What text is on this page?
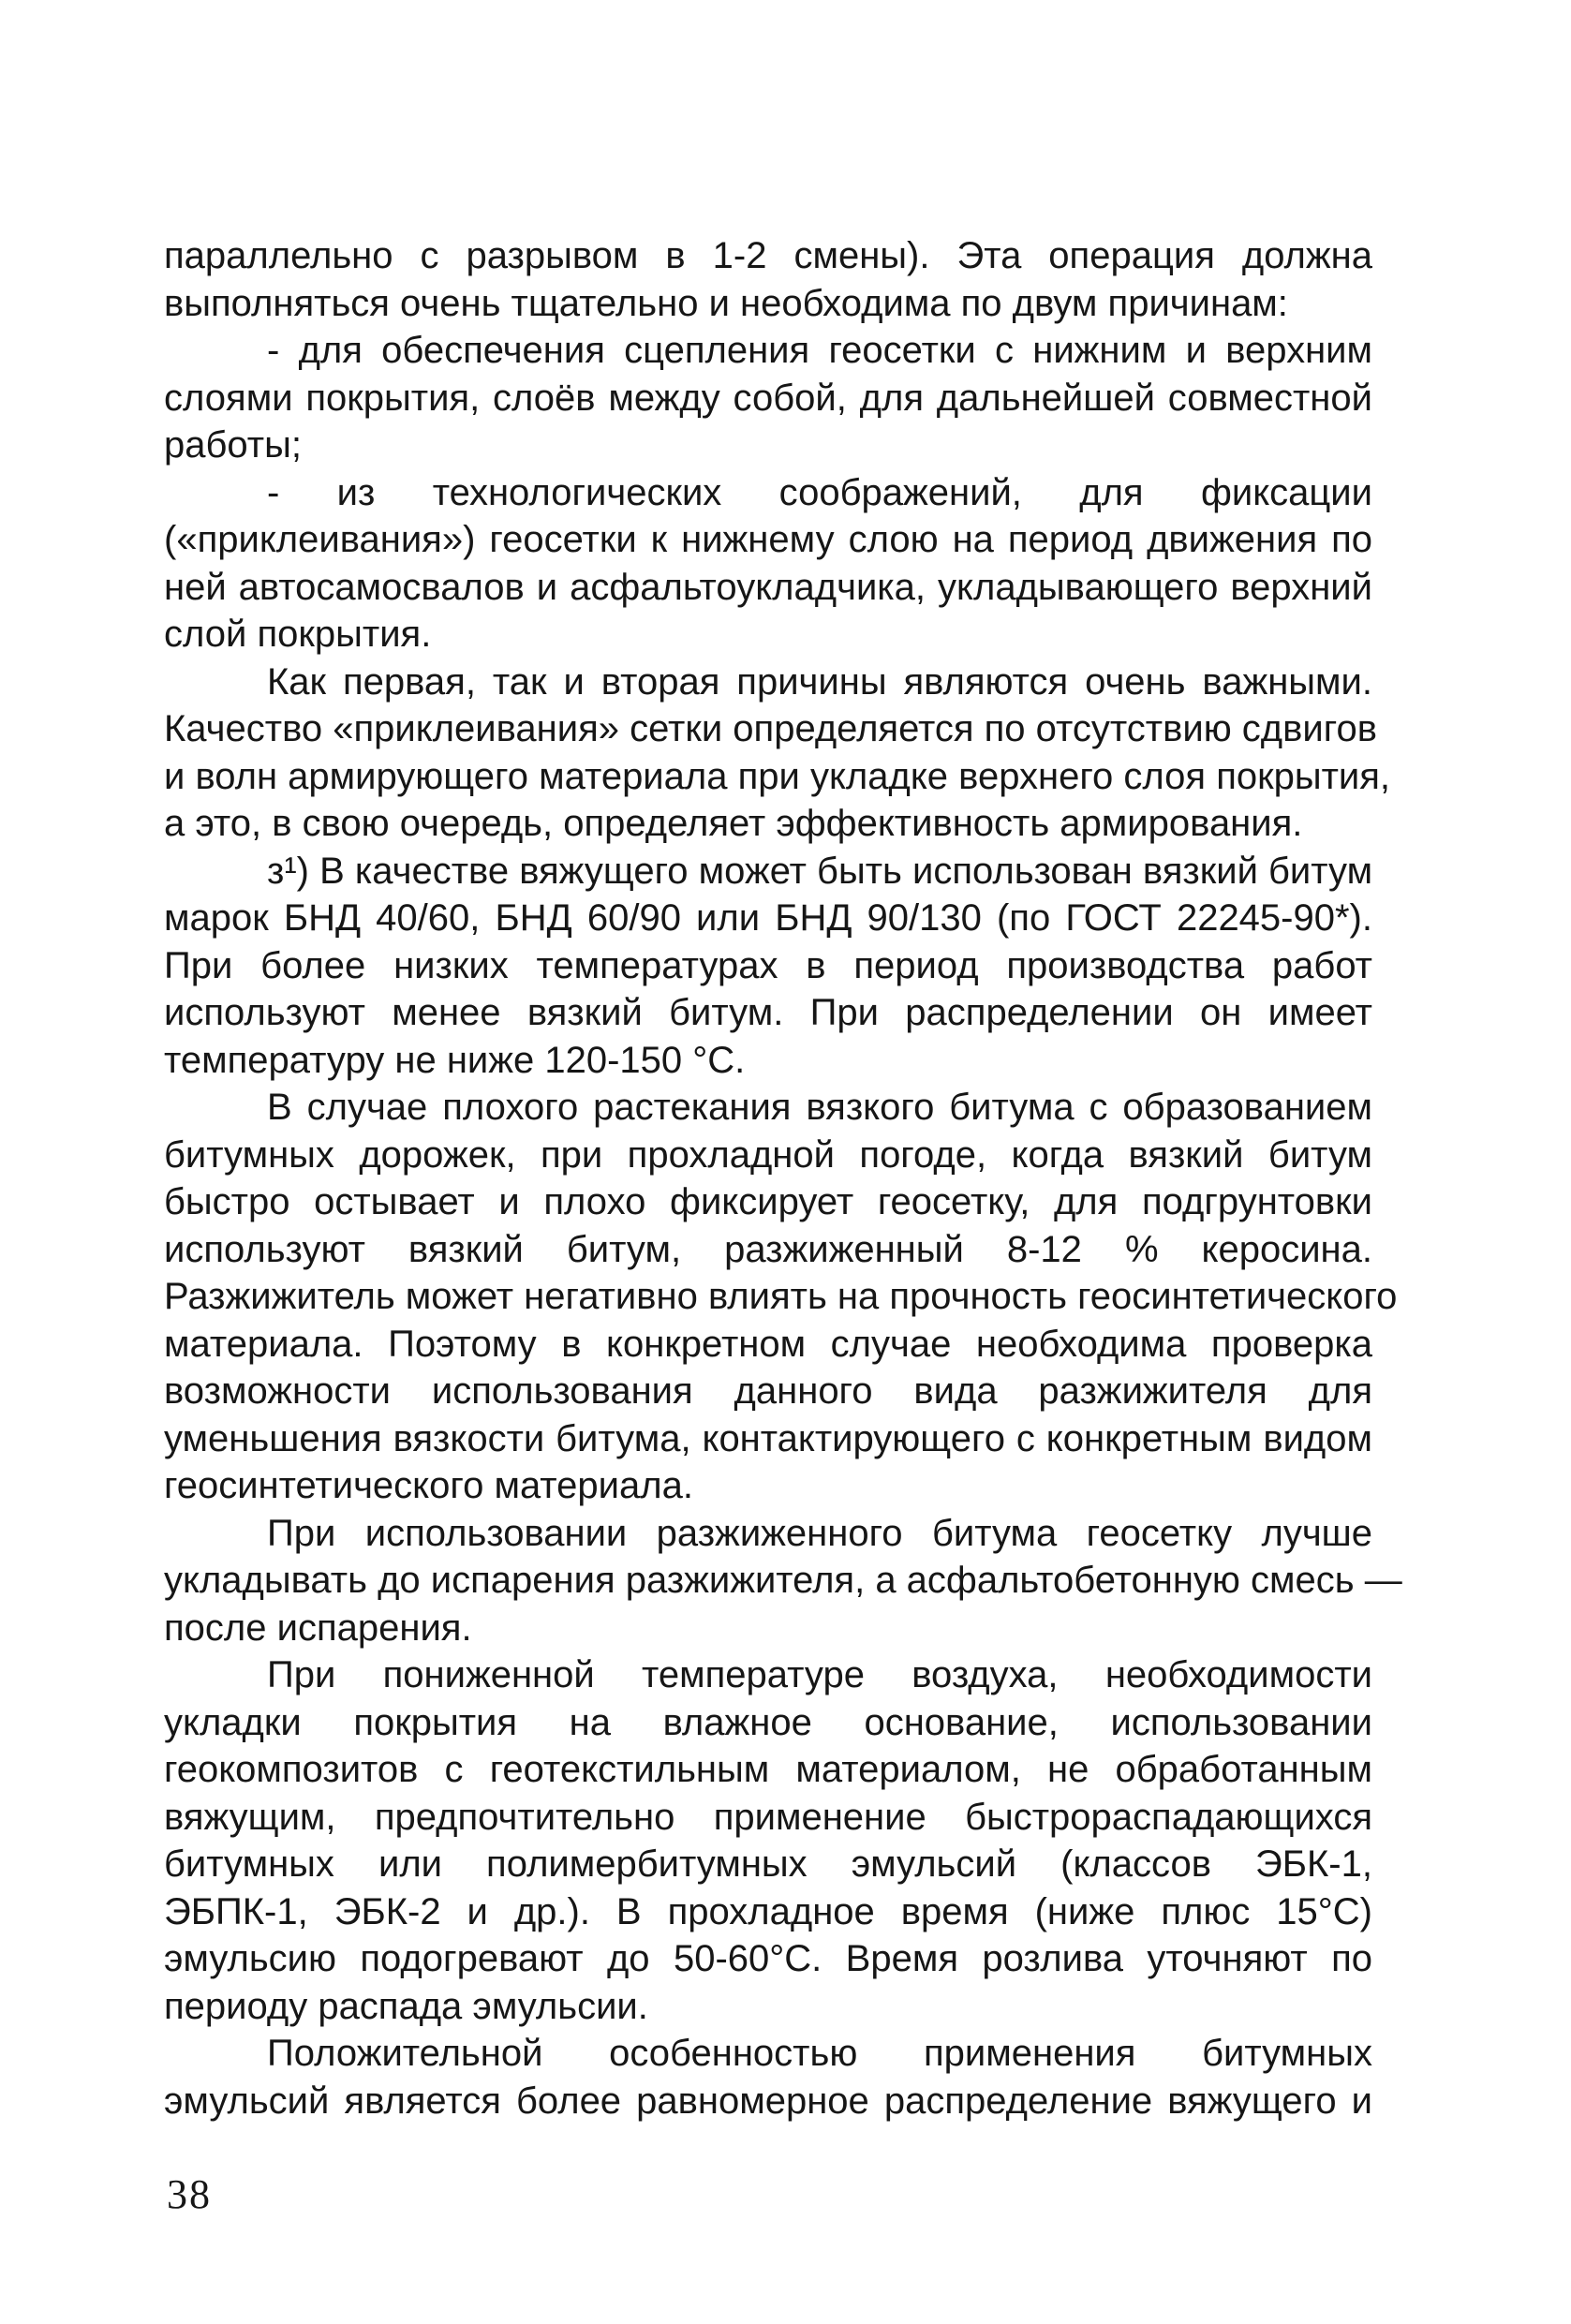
параллельно с разрывом в 1-2 смены). Эта операция должна
выполняться очень тщательно и необходима по двум причинам:
- для обеспечения сцепления геосетки с нижним и верхним
слоями покрытия, слоёв между собой, для дальнейшей совместной
работы;
- из технологических соображений, для фиксации
(«приклеивания») геосетки к нижнему слою на период движения по
ней автосамосвалов и асфальтоукладчика, укладывающего верхний
слой покрытия.
Как первая, так и вторая причины являются очень важными.
Качество «приклеивания» сетки определяется по отсутствию сдвигов
и волн армирующего материала при укладке верхнего слоя покрытия,
а это, в свою очередь, определяет эффективность армирования.
з¹) В качестве вяжущего может быть использован вязкий битум
марок БНД 40/60, БНД 60/90 или БНД 90/130 (по ГОСТ 22245-90*).
При более низких температурах в период производства работ
используют менее вязкий битум. При распределении он имеет
температуру не ниже 120-150 °С.
В случае плохого растекания вязкого битума с образованием
битумных дорожек, при прохладной погоде, когда вязкий битум
быстро остывает и плохо фиксирует геосетку, для подгрунтовки
используют вязкий битум, разжиженный 8-12 % керосина.
Разжижитель может негативно влиять на прочность геосинтетического
материала. Поэтому в конкретном случае необходима проверка
возможности использования данного вида разжижителя для
уменьшения вязкости битума, контактирующего с конкретным видом
геосинтетического материала.
При использовании разжиженного битума геосетку лучше
укладывать до испарения разжижителя, а асфальтобетонную смесь —
после испарения.
При пониженной температуре воздуха, необходимости
укладки покрытия на влажное основание, использовании
геокомпозитов с геотекстильным материалом, не обработанным
вяжущим, предпочтительно применение быстрораспадающихся
битумных или полимербитумных эмульсий (классов ЭБК-1,
ЭБПК-1, ЭБК-2 и др.). В прохладное время (ниже плюс 15°С)
эмульсию подогревают до 50-60°С. Время розлива уточняют по
периоду распада эмульсии.
Положительной особенностью применения битумных
эмульсий является более равномерное распределение вяжущего и
38
